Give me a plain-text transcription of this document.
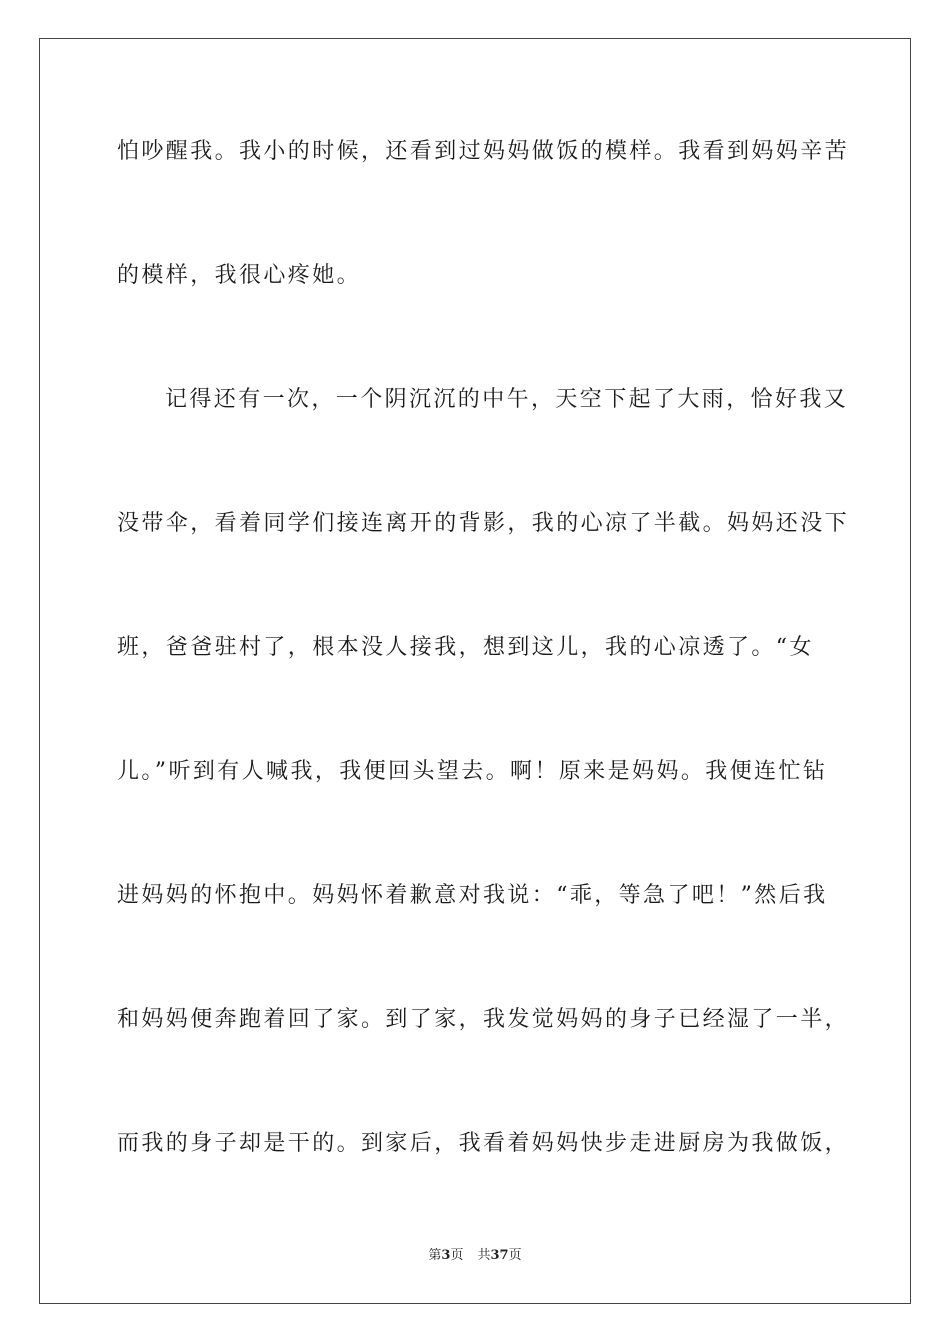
怕吵醒我。我小的时候，还看到过妈妈做饭的模样。我看到妈妈辛苦
的模样，我很心疼她。
记得还有一次，一个阴沉沉的中午，天空下起了大雨，恰好我又
没带伞，看着同学们接连离开的背影，我的心凉了半截。妈妈还没下
班，爸爸驻村了，根本没人接我，想到这儿，我的心凉透了。“女
儿。”听到有人喊我，我便回头望去。啊！原来是妈妈。我便连忙钻
进妈妈的怀抱中。妈妈怀着歉意对我说：“乖，等急了吧！”然后我
和妈妈便奔跑着回了家。到了家，我发觉妈妈的身子已经湿了一半，
而我的身子却是干的。到家后，我看着妈妈快步走进厨房为我做饭，
第3页 共37页
